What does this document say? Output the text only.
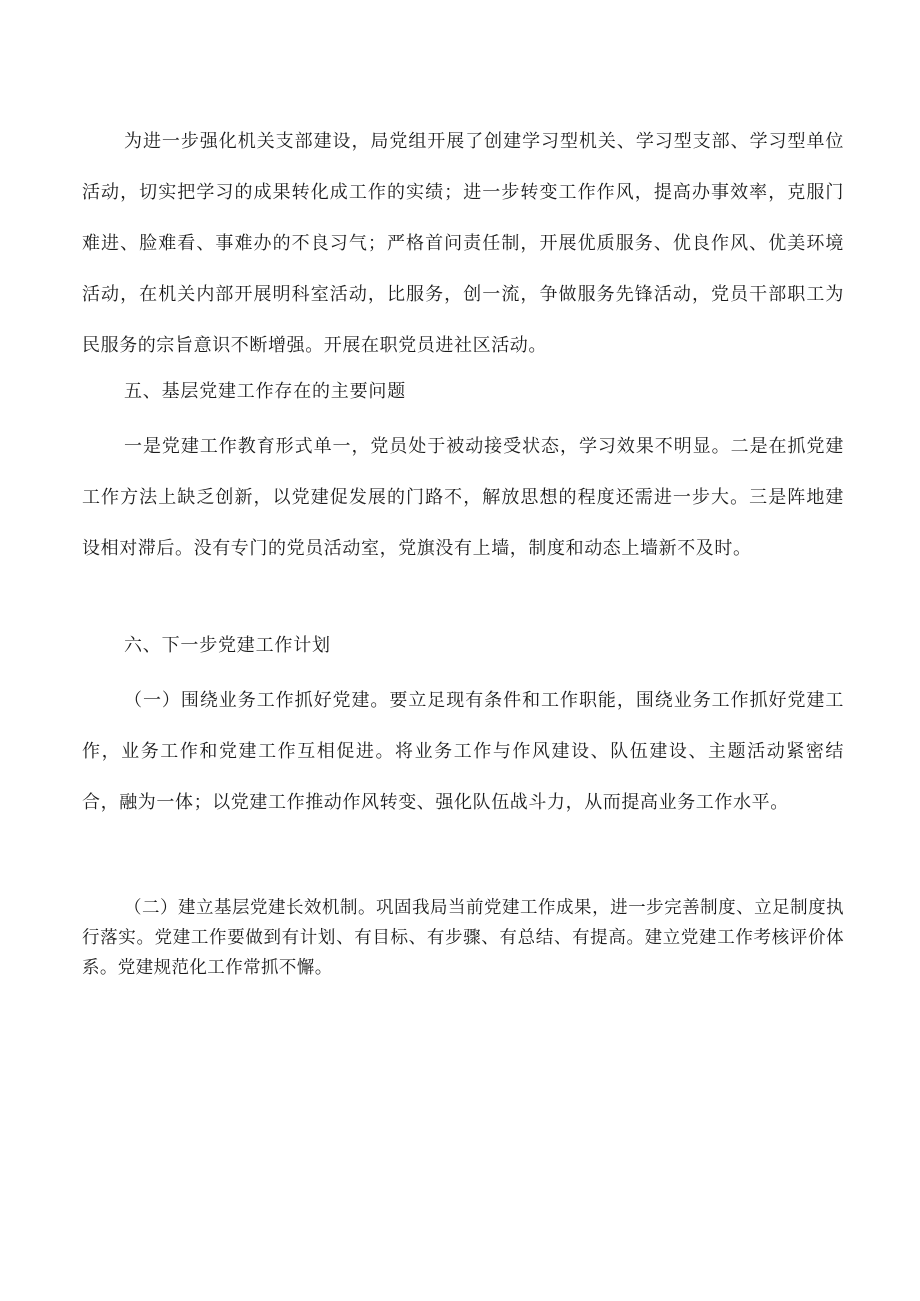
为进一步强化机关支部建设，局党组开展了创建学习型机关、学习型支部、学习型单位活动，切实把学习的成果转化成工作的实绩；进一步转变工作作风，提高办事效率，克服门难进、脸难看、事难办的不良习气；严格首问责任制，开展优质服务、优良作风、优美环境活动，在机关内部开展明科室活动，比服务，创一流，争做服务先锋活动，党员干部职工为民服务的宗旨意识不断增强。开展在职党员进社区活动。

五、基层党建工作存在的主要问题

一是党建工作教育形式单一，党员处于被动接受状态，学习效果不明显。二是在抓党建工作方法上缺乏创新，以党建促发展的门路不，解放思想的程度还需进一步大。三是阵地建设相对滞后。没有专门的党员活动室，党旗没有上墙，制度和动态上墙新不及时。

六、下一步党建工作计划

（一）围绕业务工作抓好党建。要立足现有条件和工作职能，围绕业务工作抓好党建工作，业务工作和党建工作互相促进。将业务工作与作风建设、队伍建设、主题活动紧密结合，融为一体；以党建工作推动作风转变、强化队伍战斗力，从而提高业务工作水平。

（二）建立基层党建长效机制。巩固我局当前党建工作成果，进一步完善制度、立足制度执行落实。党建工作要做到有计划、有目标、有步骤、有总结、有提高。建立党建工作考核评价体系。党建规范化工作常抓不懈。
